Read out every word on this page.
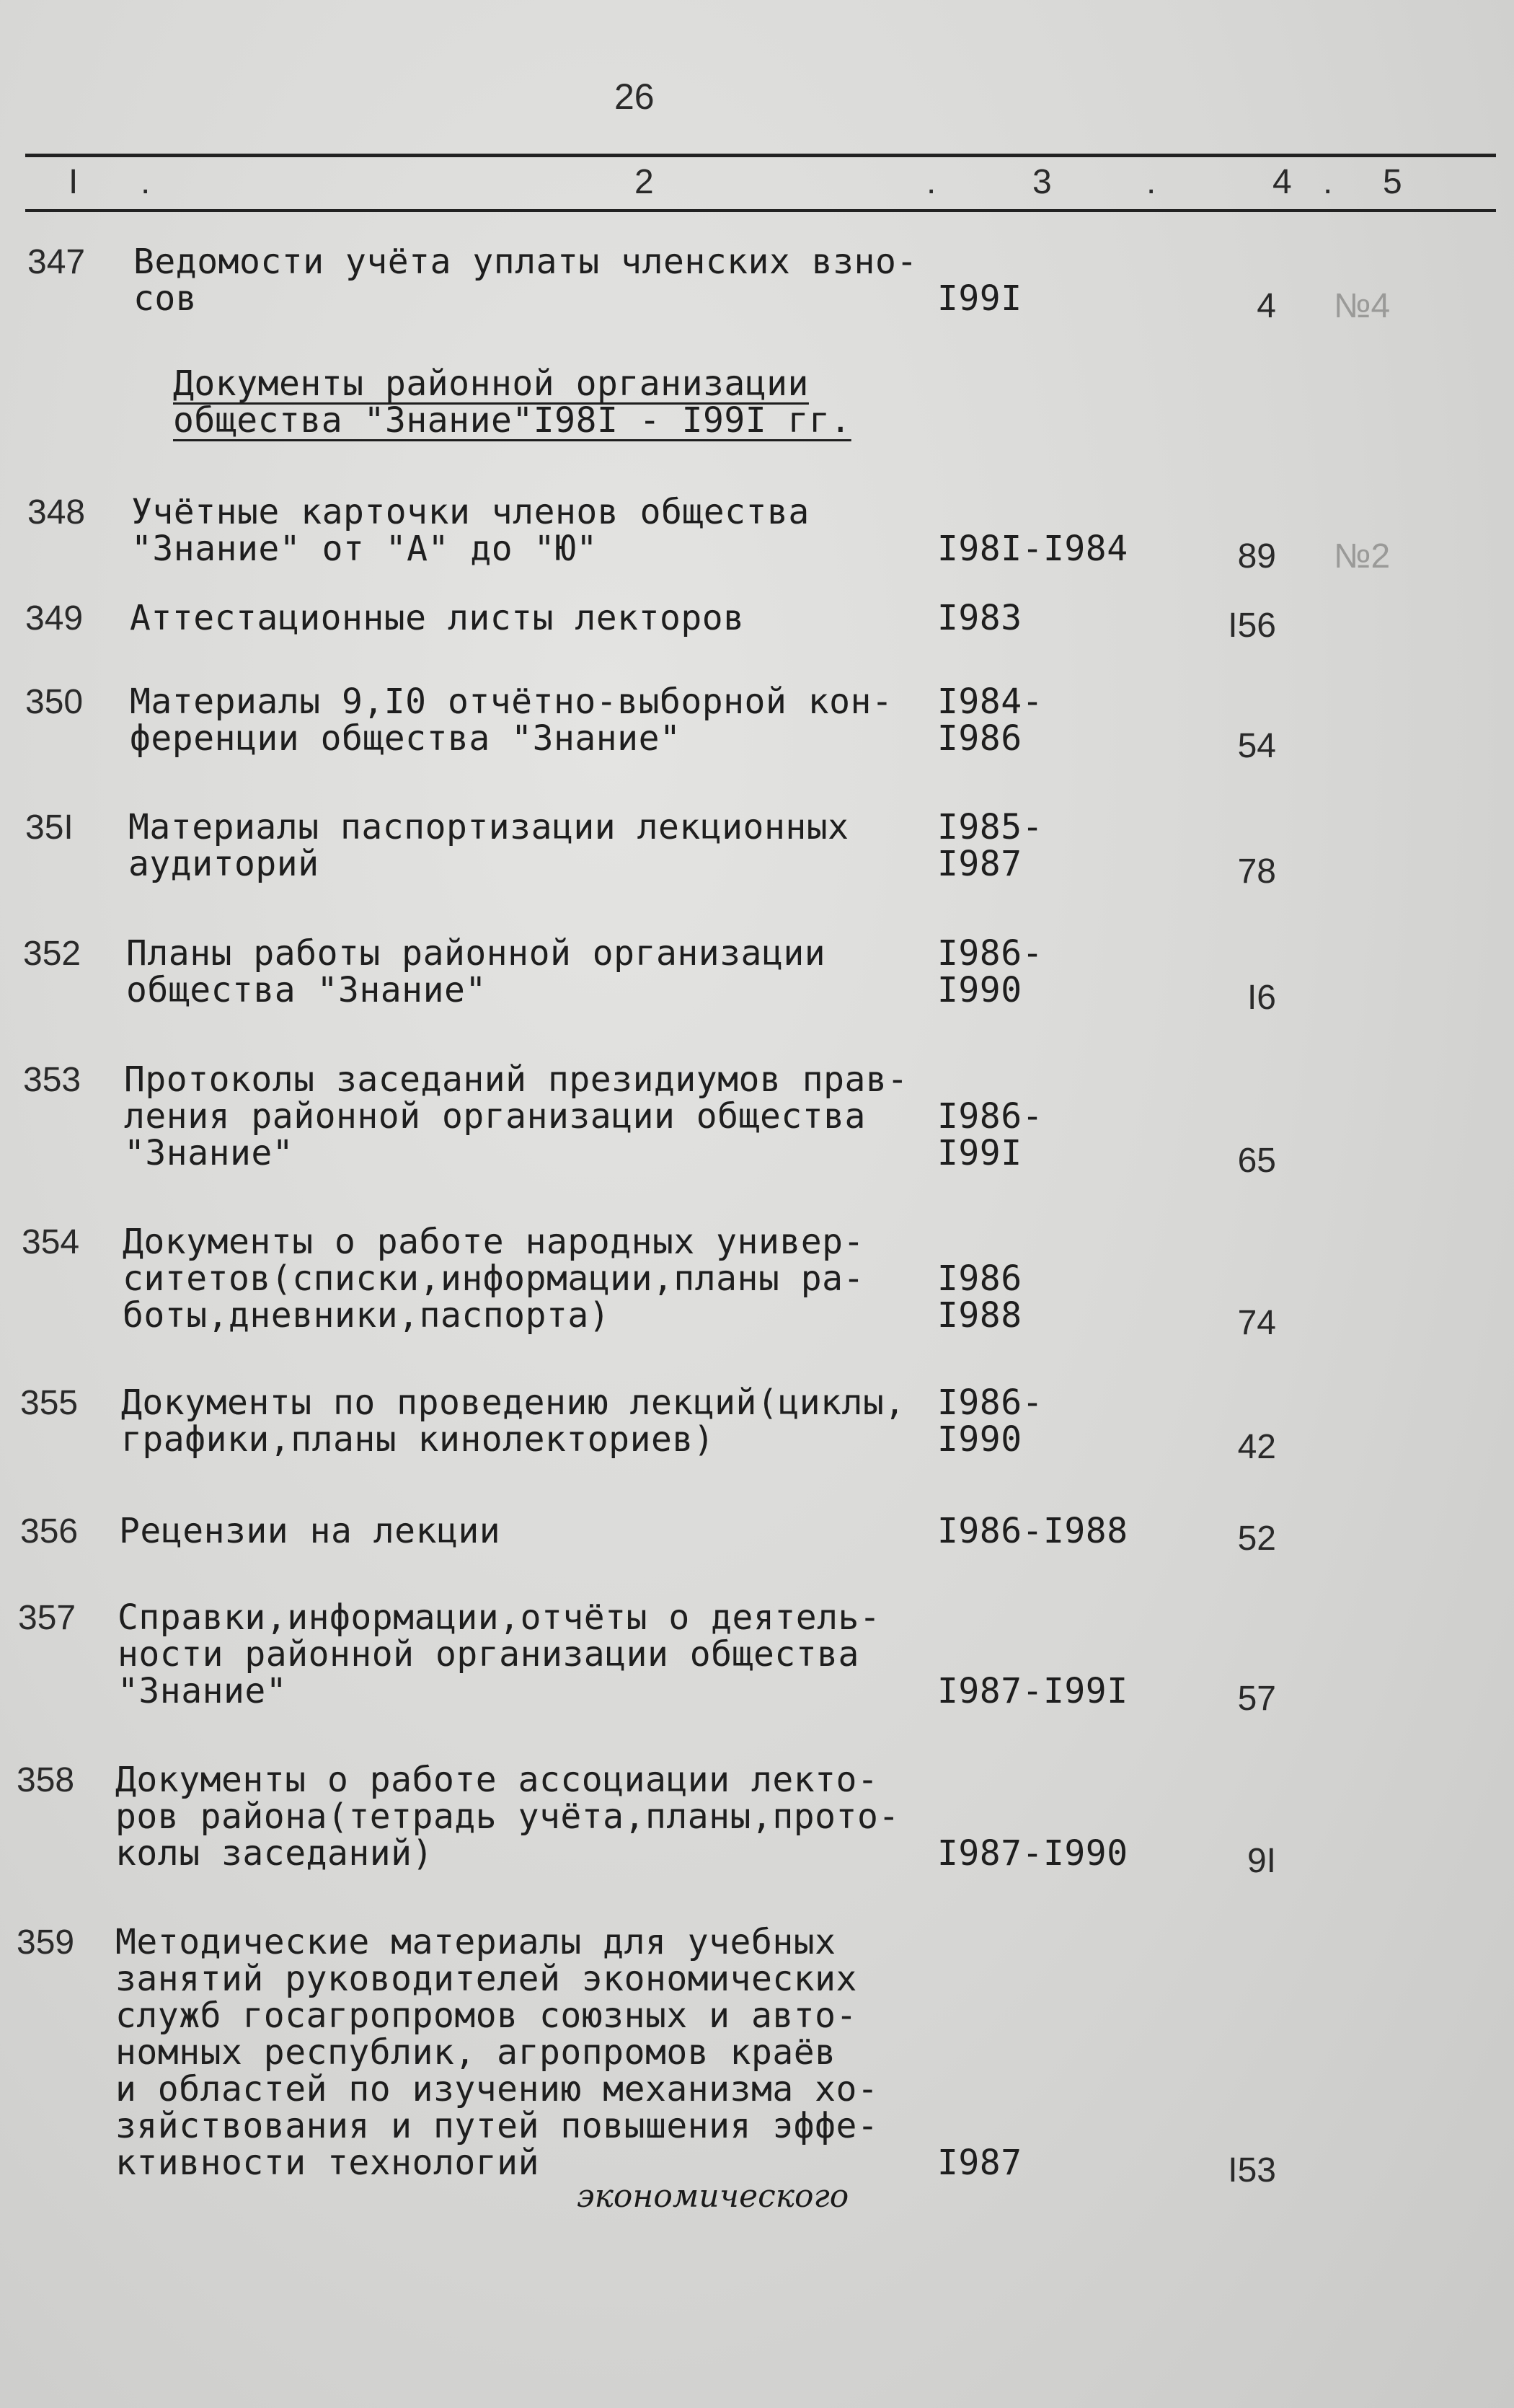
26
I .	2	.	3	.	4 . 5
Документы районной организации
общества "Знание"I98I - I99I гг.
347 Ведомости учёта уплаты членских взно-
сов	I99I	4 №4
348 Учётные карточки членов общества
"Знание" от "А" до "Ю"	I98I-I984	89 №2
349 Аттестационные листы лекторов	I983	I56
350 Материалы 9,I0 отчётно-выборной кон-
ференции общества "Знание"
I984-
I986	54
35I Материалы паспортизации лекционных
аудиторий
I985-
I987	78
352 Планы работы районной организации
общества "Знание"
I986-
I990	I6
353 Протоколы заседаний президиумов прав-
ления районной организации общества
"Знание"
I986-
I99I	65
354 Документы о работе народных универ-
ситетов(списки,информации,планы ра-
боты,дневники,паспорта)
I986
I988	74
355 Документы по проведению лекций(циклы,
графики,планы кинолекториев)
I986-
I990	42
356 Рецензии на лекции	I986-I988	52
357 Справки,информации,отчёты о деятель-
ности районной организации общества
"Знание"	I987-I99I	57
358 Документы о работе ассоциации лекто-
ров района(тетрадь учёта,планы,прото-
колы заседаний)	I987-I990	9I
359 Методические материалы для учебных
занятий руководителей экономических
служб госагропромов союзных и авто-
номных республик, агропромов краёв
и областей по изучению механизма хо-
зяйствования и путей повышения эффе-
ктивности технологий	I987	I53
экономического
